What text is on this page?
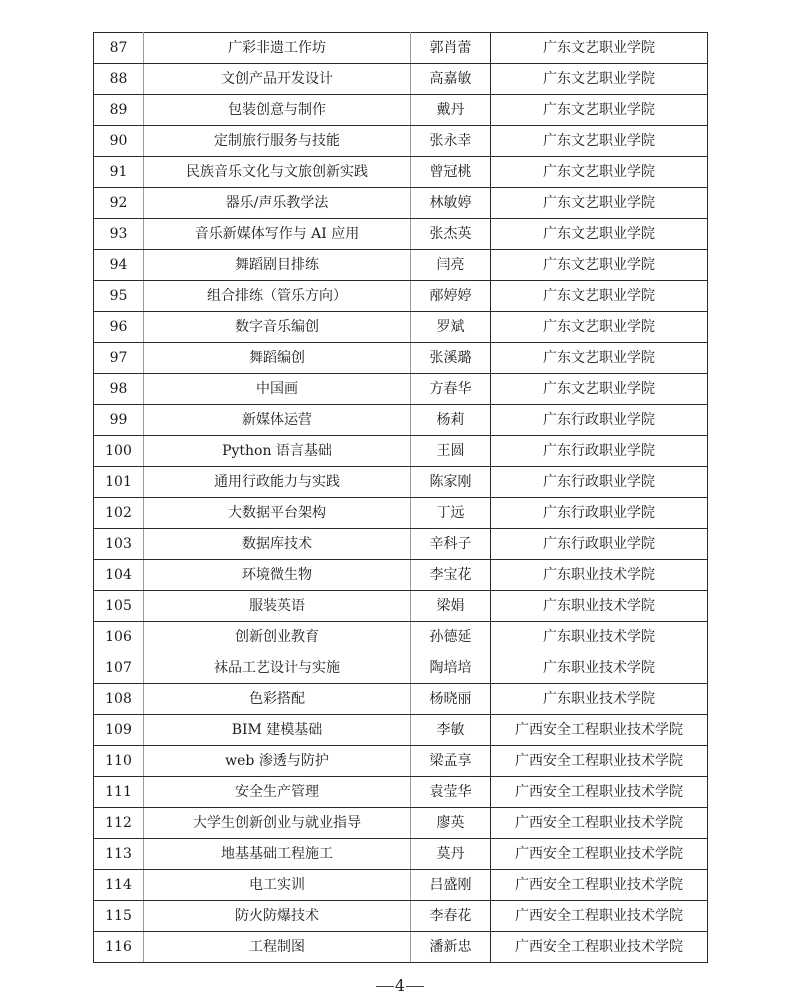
87	广彩非遗工作坊	郭肖蕾	广东文艺职业学院
88	文创产品开发设计	高嘉敏	广东文艺职业学院
89	包装创意与制作	戴丹	广东文艺职业学院
90	定制旅行服务与技能	张永幸	广东文艺职业学院
91	民族音乐文化与文旅创新实践	曾冠桃	广东文艺职业学院
92	器乐/声乐教学法	林敏婷	广东文艺职业学院
93	音乐新媒体写作与 AI 应用	张杰英	广东文艺职业学院
94	舞蹈剧目排练	闫亮	广东文艺职业学院
95	组合排练（管乐方向）	邴婷婷	广东文艺职业学院
96	数字音乐编创	罗斌	广东文艺职业学院
97	舞蹈编创	张溪璐	广东文艺职业学院
98	中国画	方春华	广东文艺职业学院
99	新媒体运营	杨莉	广东行政职业学院
100	Python 语言基础	王圆	广东行政职业学院
101	通用行政能力与实践	陈家刚	广东行政职业学院
102	大数据平台架构	丁远	广东行政职业学院
103	数据库技术	辛科子	广东行政职业学院
104	环境微生物	李宝花	广东职业技术学院
105	服装英语	梁娟	广东职业技术学院
106	创新创业教育	孙德延	广东职业技术学院
107	袜品工艺设计与实施	陶培培	广东职业技术学院
108	色彩搭配	杨晓丽	广东职业技术学院
109	BIM 建模基础	李敏	广西安全工程职业技术学院
110	web 渗透与防护	梁孟享	广西安全工程职业技术学院
111	安全生产管理	袁莹华	广西安全工程职业技术学院
112	大学生创新创业与就业指导	廖英	广西安全工程职业技术学院
113	地基基础工程施工	莫丹	广西安全工程职业技术学院
114	电工实训	吕盛刚	广西安全工程职业技术学院
115	防火防爆技术	李春花	广西安全工程职业技术学院
116	工程制图	潘新忠	广西安全工程职业技术学院
4
